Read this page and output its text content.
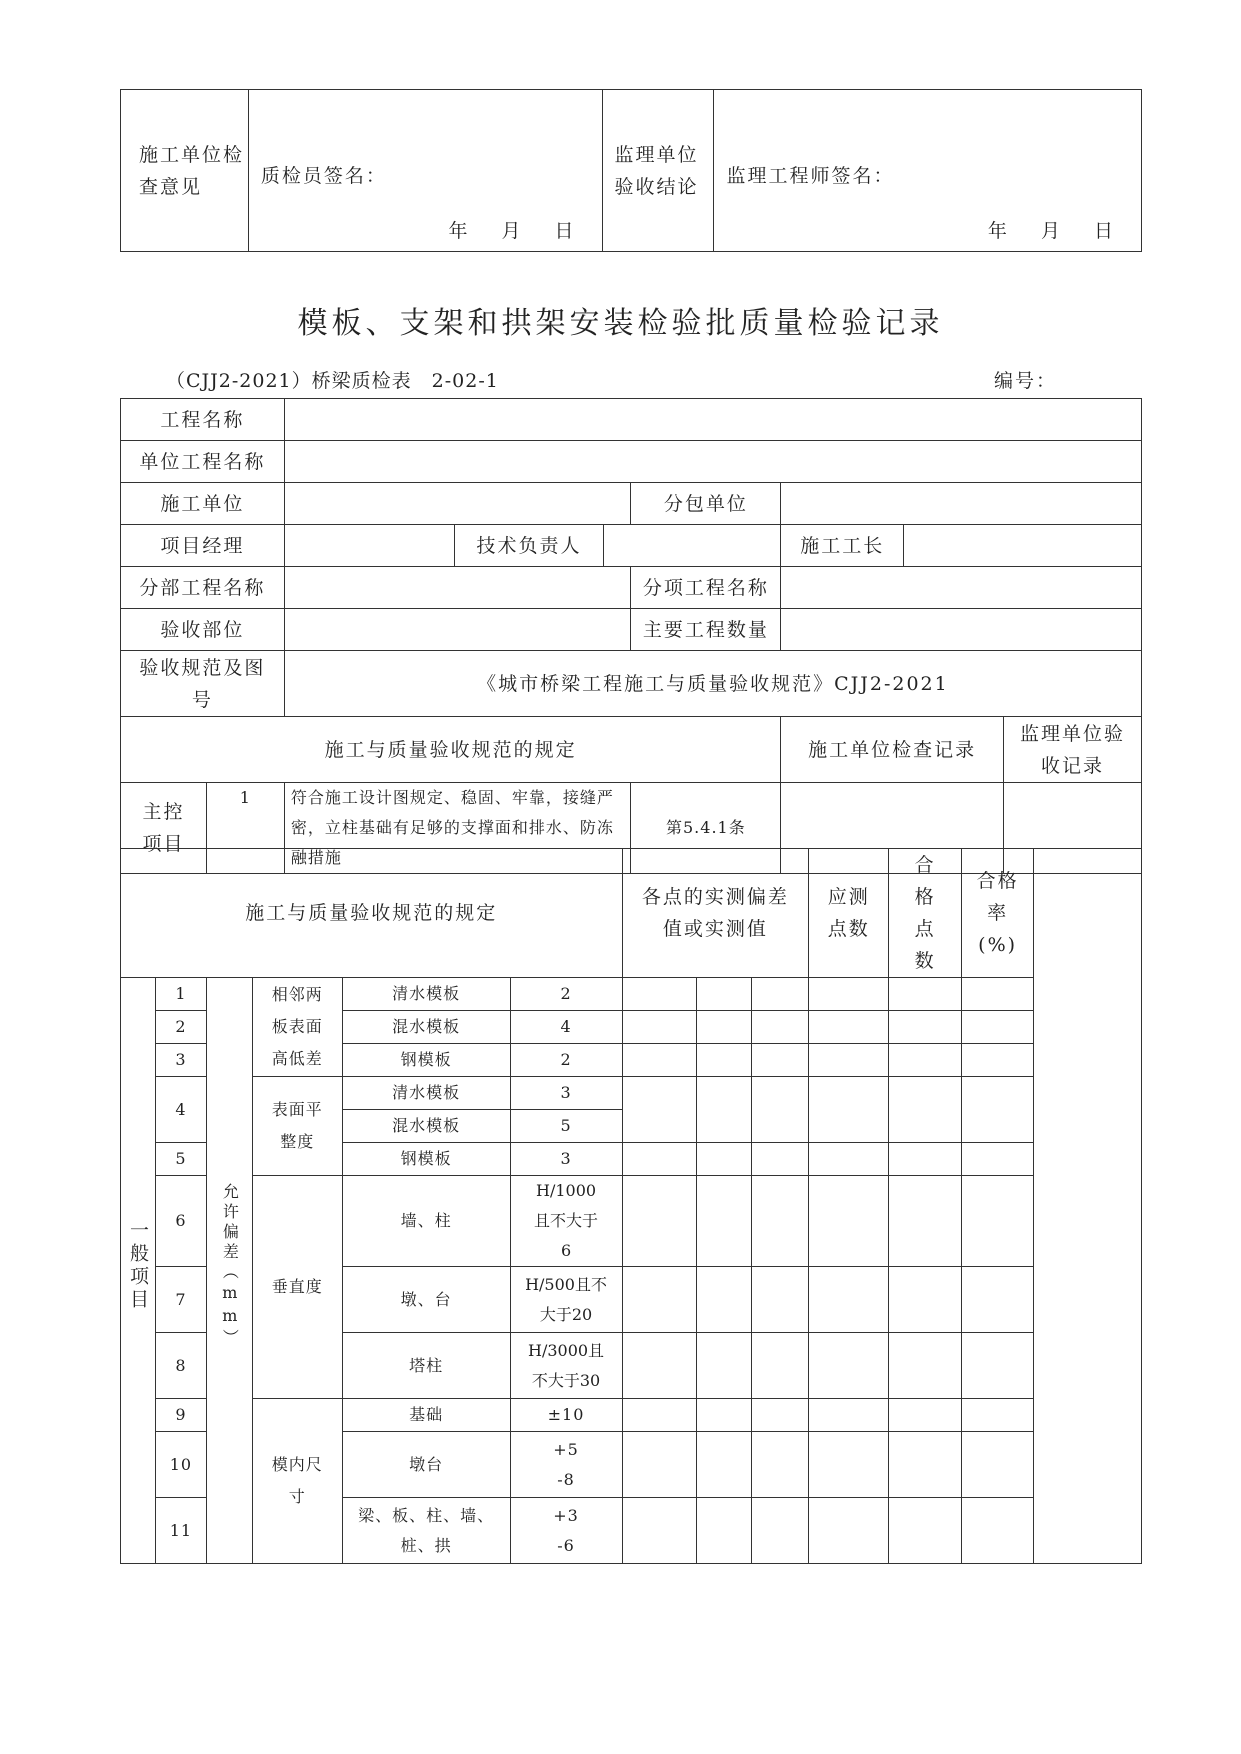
施工单位检查意见	质检员签名：
年 月 日
	监理单位验收结论	监理工程师签名：
年 月 日
模板、支架和拱架安装检验批质量检验记录
（CJJ2-2021）桥梁质检表　2-02-1	编号：
工程名称								
单位工程名称								
施工单位					分包单位			
项目经理			技术负责人			施工工长		
分部工程名称					分项工程名称			
验收部位					主要工程数量			
验收规范及图号		《城市桥梁工程施工与质量验收规范》CJJ2-2021						
施工与质量验收规范的规定						施工单位检查记录		监理单位验收记录
主控项目	1	符合施工设计图规定、稳固、牢靠，接缝严密，立柱基础有足够的支撑面和排水、防冻融措施			第5.4.1条			
施工与质量验收规范的规定						各点的实测偏差值或实测值			应测点数	合格点数	合格率(%)	
一般项目	1	允许偏差（mm）	相邻两板表面高低差	清水模板	2							
	2			混水模板	4							
	3			钢模板	2							
	4		表面平整度	清水模板	3							
				混水模板	5							
	5			钢模板	3							
	6		垂直度	墙、柱	H/1000且不大于6							
	7			墩、台	H/500且不大于20							
	8			塔柱	H/3000且不大于30							
	9		模内尺寸	基础	±10							
	10			墩台	+5 -8							
	11			梁、板、柱、墙、桩、拱	+3 -6							
